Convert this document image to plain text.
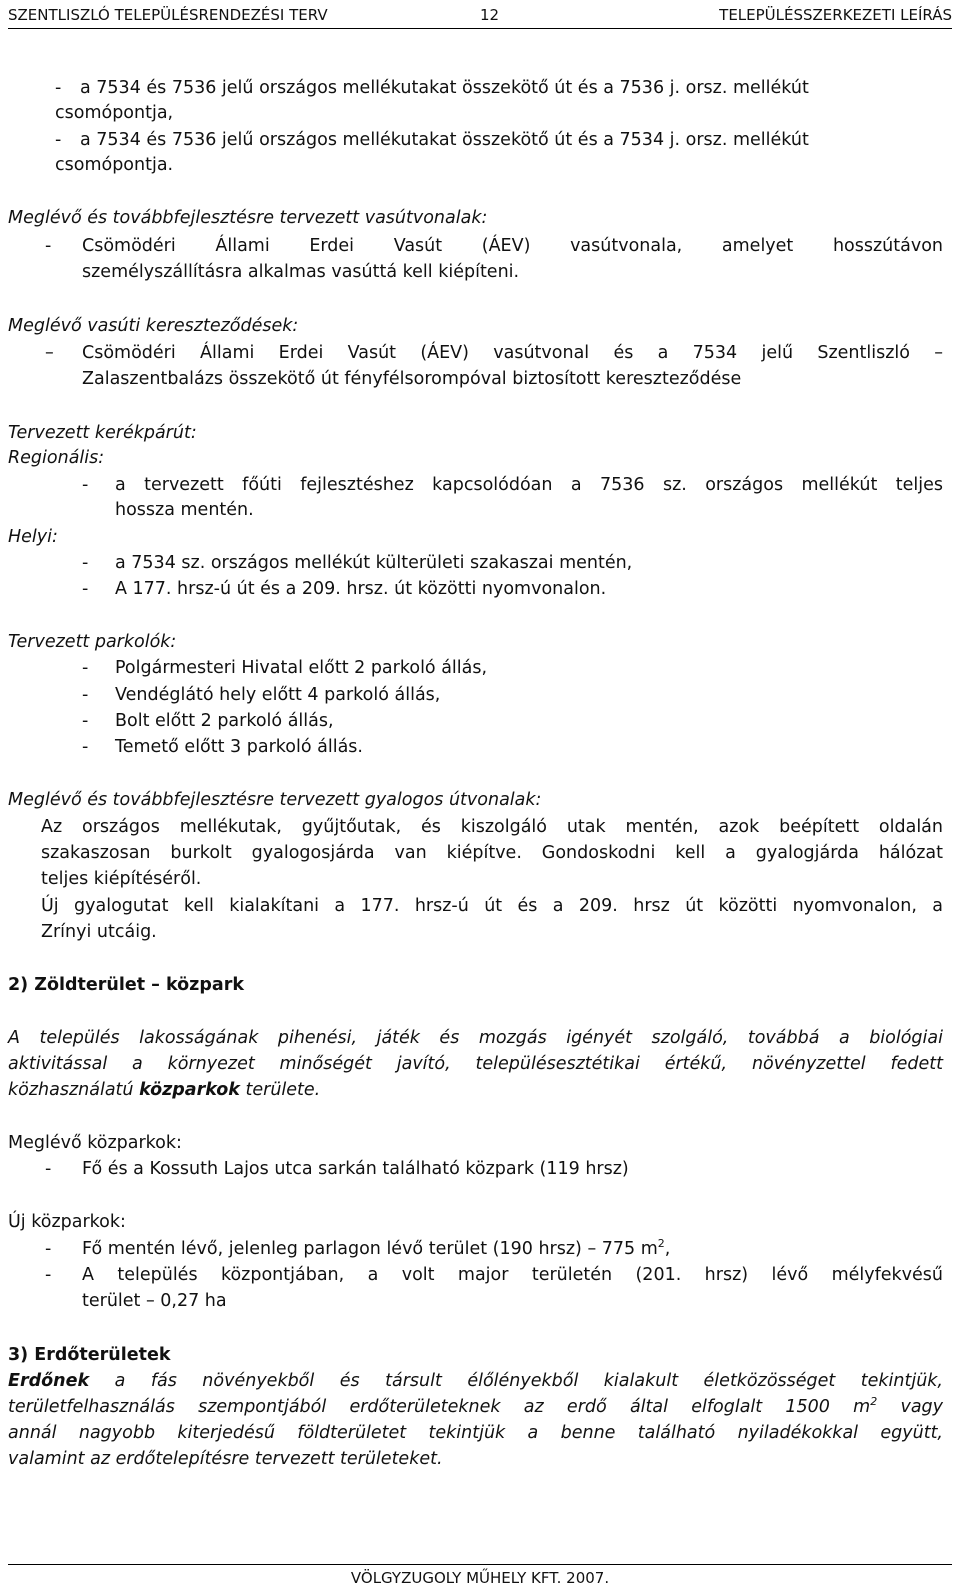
SZENTLISZLÓ TELEPÜLÉSRENDEZÉSI TERV	12	TELEPÜLÉSSZERKEZETI LEÍRÁS
- a 7534 és 7536 jelű országos mellékutakat összekötő út és a 7536 j. orsz. mellékút
csomópontja,
- a 7534 és 7536 jelű országos mellékutakat összekötő út és a 7534 j. orsz. mellékút
csomópontja.
Meglévő és továbbfejlesztésre tervezett vasútvonalak:
- Csömödéri Állami Erdei Vasút (ÁEV) vasútvonala, amelyet hosszútávon
személyszállításra alkalmas vasúttá kell kiépíteni.
Meglévő vasúti kereszteződések:
– Csömödéri Állami Erdei Vasút (ÁEV) vasútvonal és a 7534 jelű Szentliszló –
Zalaszentbalázs összekötő út fényfélsorompóval biztosított kereszteződése
Tervezett kerékpárút:
Regionális:
- a tervezett főúti fejlesztéshez kapcsolódóan a 7536 sz. országos mellékút teljes
hossza mentén.
Helyi:
- a 7534 sz. országos mellékút külterületi szakaszai mentén,
- A 177. hrsz-ú út és a 209. hrsz. út közötti nyomvonalon.
Tervezett parkolók:
- Polgármesteri Hivatal előtt 2 parkoló állás,
- Vendéglátó hely előtt 4 parkoló állás,
- Bolt előtt 2 parkoló állás,
- Temető előtt 3 parkoló állás.
Meglévő és továbbfejlesztésre tervezett gyalogos útvonalak:
Az országos mellékutak, gyűjtőutak, és kiszolgáló utak mentén, azok beépített oldalán
szakaszosan burkolt gyalogosjárda van kiépítve. Gondoskodni kell a gyalogjárda hálózat
teljes kiépítéséről.
Új gyalogutat kell kialakítani a 177. hrsz-ú út és a 209. hrsz út közötti nyomvonalon, a
Zrínyi utcáig.
2) Zöldterület – közpark
A település lakosságának pihenési, játék és mozgás igényét szolgáló, továbbá a biológiai
aktivitással a környezet minőségét javító, településesztétikai értékű, növényzettel fedett
közhasználatú közparkok területe.
Meglévő közparkok:
- Fő és a Kossuth Lajos utca sarkán található közpark (119 hrsz)
Új közparkok:
- Fő mentén lévő, jelenleg parlagon lévő terület (190 hrsz) – 775 $m^2$,
- A település központjában, a volt major területén (201. hrsz) lévő mélyfekvésű
terület – 0,27 ha
3) Erdőterületek
Erdőnek a fás növényekből és társult élőlényekből kialakult életközösséget tekintjük,
területfelhasználás szempontjából erdőterületeknek az erdő által elfoglalt 1500 $m^2$ vagy
annál nagyobb kiterjedésű földterületet tekintjük a benne található nyiladékokkal együtt,
valamint az erdőtelepítésre tervezett területeket.
VÖLGYZUGOLY MŰHELY KFT. 2007.
